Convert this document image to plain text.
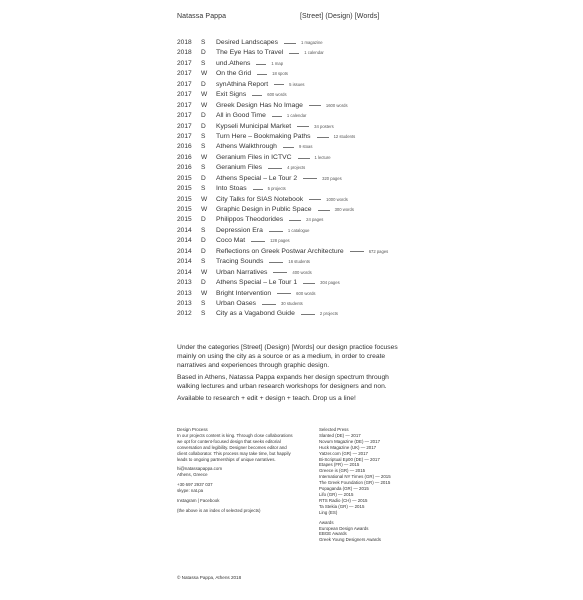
Natassa Pappa	[Street] (Design) [Words]
2018	S	Desired Landscapes	1 magazine
2018	D	The Eye Has to Travel	1 calendar
2017	S	und.Athens	1 map
2017	W	On the Grid	18 spots
2017	D	synAthina Report	5 issues
2017	W	Exit Signs	600 words
2017	W	Greek Design Has No Image	1600 words
2017	D	All in Good Time	1 calendar
2017	D	Kypseli Municipal Market	34 posters
2017	S	Turn Here – Bookmaking Paths	12 students
2016	S	Athens Walkthrough	9 stoas
2016	W	Geranium Files in ICTVC	1 lecture
2016	S	Geranium Files	4 projects
2015	D	Athens Special – Le Tour 2	320 pages
2015	S	Into Stoas	5 projects
2015	W	City Talks for SIAS Notebook	1000 words
2015	W	Graphic Design in Public Space	300 words
2015	D	Philippos Theodorides	24 pages
2014	S	Depression Era	1 catalogue
2014	D	Coco Mat	128 pages
2014	D	Reflections on Greek Postwar Architecture	672 pages
2014	S	Tracing Sounds	16 students
2014	W	Urban Narratives	400 words
2013	D	Athens Special – Le Tour 1	304 pages
2013	W	Bright Intervention	600 words
2013	S	Urban Oases	30 students
2012	S	City as a Vagabond Guide	2 projects

Under the categories [Street] (Design) [Words] our design practice focuses mainly on using the city as a source or as a medium, in order to create narratives and experiences through graphic design.

Based in Athens, Natassa Pappa expands her design spectrum through walking lectures and urban research workshops for designers and non.

Available to research + edit + design + teach. Drop us a line!

Design Process
In our projects content is king. Through close collaborations we opt for content-focused design that seeks editorial conversation and legibility. Designer becomes editor and client collaborator. This process may take time, but happily leads to ongoing partnerships of unique narratives.
hi@natassapappa.com
Athens, Greece
+30 697 2937 037
skype: nat.pa
Instagram | Facebook
(the above is an index of selected projects)
Selected Press
Slanted (DE) — 2017
Novum Magazine (DE) — 2017
Huck Magazine (UK) — 2017
Yatzer.com (GR) — 2017
Bi-Scriptual Ep00 (DE) — 2017
Etapes (FR) — 2015
Greece is (GR) — 2015
International NY Times (GR) — 2015
The Greek Foundation (GR) — 2015
Popaganda (GR) — 2015
Lifo (GR) — 2015
RTS Radio (CH) — 2015
Ta Stekia (GR) — 2015
Ling (ES)
Awards
European Design Awards
EBGE Awards
Greek Young Designers Awards
© Natassa Pappa, Athens 2018
